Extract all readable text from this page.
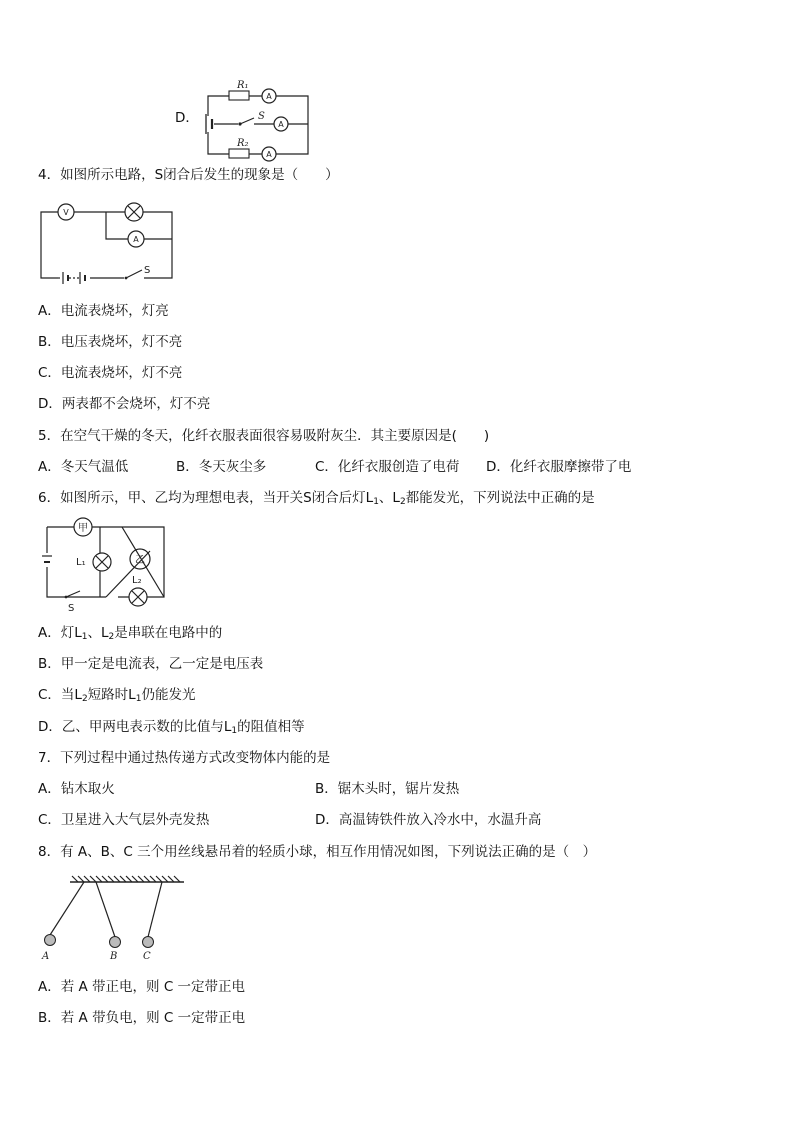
D．
R₁
R₂
S
A
A
A
4．如图所示电路，S闭合后发生的现象是（　　）
V
A
S
A．电流表烧坏，灯亮
B．电压表烧坏，灯不亮
C．电流表烧坏，灯不亮
D．两表都不会烧坏，灯不亮
5．在空气干燥的冬天，化纤衣服表面很容易吸附灰尘．其主要原因是(　　)
A．冬天气温低	B．冬天灰尘多	C．化纤衣服创造了电荷 D．化纤衣服摩擦带了电
6．如图所示，甲、乙均为理想电表，当开关S闭合后灯$L_1$、$L_2$都能发光，下列说法中正确的是
甲
乙
L₁
L₂
S
A．灯$L_1$、$L_2$是串联在电路中的
B．甲一定是电流表，乙一定是电压表
C．当$L_2$短路时$L_1$仍能发光
D．乙、甲两电表示数的比值与$L_1$的阻值相等
7．下列过程中通过热传递方式改变物体内能的是
A．钻木取火	B．锯木头时，锯片发热
C．卫星进入大气层外壳发热	D．高温铸铁件放入冷水中，水温升高
8．有 A、B、C 三个用丝线悬吊着的轻质小球，相互作用情况如图，下列说法正确的是（　）
A	B	C
A．若 A 带正电，则 C 一定带正电
B．若 A 带负电，则 C 一定带正电
